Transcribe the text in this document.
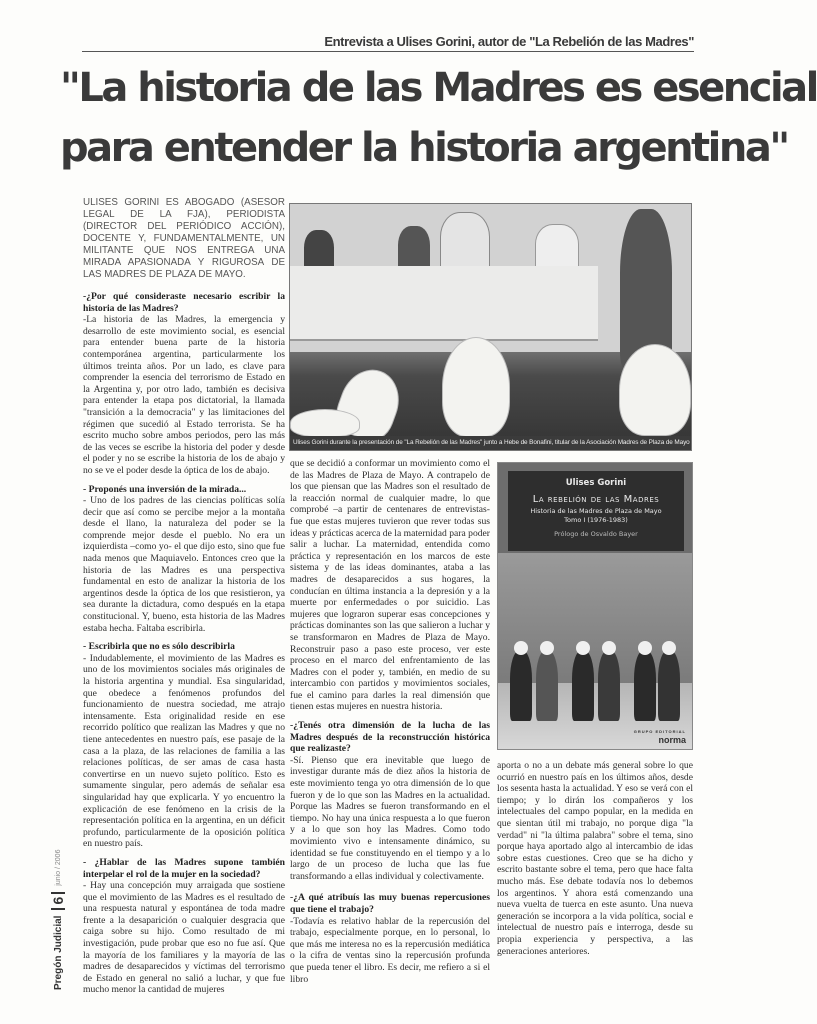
Entrevista a Ulises Gorini, autor de "La Rebelión de las Madres"
"La historia de las Madres es esencial
para entender la historia argentina"

ULISES GORINI ES ABOGADO (ASESOR LEGAL DE LA FJA), PERIODISTA (DIRECTOR DEL PERIÓDICO ACCIÓN), DOCENTE Y, FUNDAMENTALMENTE, UN MILITANTE QUE NOS ENTREGA UNA MIRADA APASIONADA Y RIGUROSA DE LAS MADRES DE PLAZA DE MAYO.

-¿Por qué consideraste necesario escribir la historia de las Madres?

-La historia de las Madres, la emergencia y desarrollo de este movimiento social, es esencial para entender buena parte de la historia contemporánea argentina, particularmente los últimos treinta años. Por un lado, es clave para comprender la esencia del terrorismo de Estado en la Argentina y, por otro lado, también es decisiva para entender la etapa pos dictatorial, la llamada "transición a la democracia" y las limitaciones del régimen que sucedió al Estado terrorista. Se ha escrito mucho sobre ambos periodos, pero las más de las veces se escribe la historia del poder y desde el poder y no se escribe la historia de los de abajo y no se ve el poder desde la óptica de los de abajo.

- Proponés una inversión de la mirada...

- Uno de los padres de las ciencias políticas solía decir que así como se percibe mejor a la montaña desde el llano, la naturaleza del poder se la comprende mejor desde el pueblo. No era un izquierdista –como yo- el que dijo esto, sino que fue nada menos que Maquiavelo. Entonces creo que la historia de las Madres es una perspectiva fundamental en esto de analizar la historia de los argentinos desde la óptica de los que resistieron, ya sea durante la dictadura, como después en la etapa constitucional. Y, bueno, esta historia de las Madres estaba hecha. Faltaba escribirla.

- Escribirla que no es sólo describirla

- Indudablemente, el movimiento de las Madres es uno de los movimientos sociales más originales de la historia argentina y mundial. Esa singularidad, que obedece a fenómenos profundos del funcionamiento de nuestra sociedad, me atrajo intensamente. Esta originalidad reside en ese recorrido político que realizan las Madres y que no tiene antecedentes en nuestro país, ese pasaje de la casa a la plaza, de las relaciones de familia a las relaciones políticas, de ser amas de casa hasta convertirse en un nuevo sujeto político. Esto es sumamente singular, pero además de señalar esa singularidad hay que explicarla. Y yo encuentro la explicación de ese fenómeno en la crisis de la representación política en la argentina, en un déficit profundo, particularmente de la oposición política en nuestro país.

- ¿Hablar de las Madres supone también interpelar el rol de la mujer en la sociedad?

- Hay una concepción muy arraigada que sostiene que el movimiento de las Madres es el resultado de una respuesta natural y espontánea de toda madre frente a la desaparición o cualquier desgracia que caiga sobre su hijo. Como resultado de mi investigación, pude probar que eso no fue así. Que la mayoría de los familiares y la mayoría de las madres de desaparecidos y víctimas del terrorismo de Estado en general no salió a luchar, y que fue mucho menor la cantidad de mujeres

Ulises Gorini durante la presentación de "La Rebelión de las Madres" junto a Hebe de Bonafini, titular de la Asociación Madres de Plaza de Mayo

que se decidió a conformar un movimiento como el de las Madres de Plaza de Mayo. A contrapelo de los que piensan que las Madres son el resultado de la reacción normal de cualquier madre, lo que comprobé –a partir de centenares de entrevistas- fue que estas mujeres tuvieron que rever todas sus ideas y prácticas acerca de la maternidad para poder salir a luchar. La maternidad, entendida como práctica y representación en los marcos de este sistema y de las ideas dominantes, ataba a las madres de desaparecidos a sus hogares, la conducían en última instancia a la depresión y a la muerte por enfermedades o por suicidio. Las mujeres que lograron superar esas concepciones y prácticas dominantes son las que salieron a luchar y se transformaron en Madres de Plaza de Mayo. Reconstruir paso a paso este proceso, ver este proceso en el marco del enfrentamiento de las Madres con el poder y, también, en medio de su intercambio con partidos y movimientos sociales, fue el camino para darles la real dimensión que tienen estas mujeres en nuestra historia.

-¿Tenés otra dimensión de la lucha de las Madres después de la reconstrucción histórica que realizaste?

-Sí. Pienso que era inevitable que luego de investigar durante más de diez años la historia de este movimiento tenga yo otra dimensión de lo que fueron y de lo que son las Madres en la actualidad. Porque las Madres se fueron transformando en el tiempo. No hay una única respuesta a lo que fueron y a lo que son hoy las Madres. Como todo movimiento vivo e intensamente dinámico, su identidad se fue constituyendo en el tiempo y a lo largo de un proceso de lucha que las fue transformando a ellas individual y colectivamente.

-¿A qué atribuís las muy buenas repercusiones que tiene el trabajo?

-Todavía es relativo hablar de la repercusión del trabajo, especialmente porque, en lo personal, lo que más me interesa no es la repercusión mediática o la cifra de ventas sino la repercusión profunda que pueda tener el libro. Es decir, me refiero a si el libro

Ulises Gorini
La rebelión de las Madres
Historia de las Madres de Plaza de Mayo
Tomo I (1976-1983)
Prólogo de Osvaldo Bayer
GRUPO EDITORIAL
norma

aporta o no a un debate más general sobre lo que ocurrió en nuestro país en los últimos años, desde los sesenta hasta la actualidad. Y eso se verá con el tiempo; y lo dirán los compañeros y los intelectuales del campo popular, en la medida en que sientan útil mi trabajo, no porque diga "la verdad" ni "la última palabra" sobre el tema, sino porque haya aportado algo al intercambio de idas sobre estas cuestiones. Creo que se ha dicho y escrito bastante sobre el tema, pero que hace falta mucho más. Ese debate todavía nos lo debemos los argentinos. Y ahora está comenzando una nueva vuelta de tuerca en este asunto. Una nueva generación se incorpora a la vida política, social e intelectual de nuestro país e interroga, desde su propia experiencia y perspectiva, a las generaciones anteriores.

Pregón Judicial
6
junio / 2006
